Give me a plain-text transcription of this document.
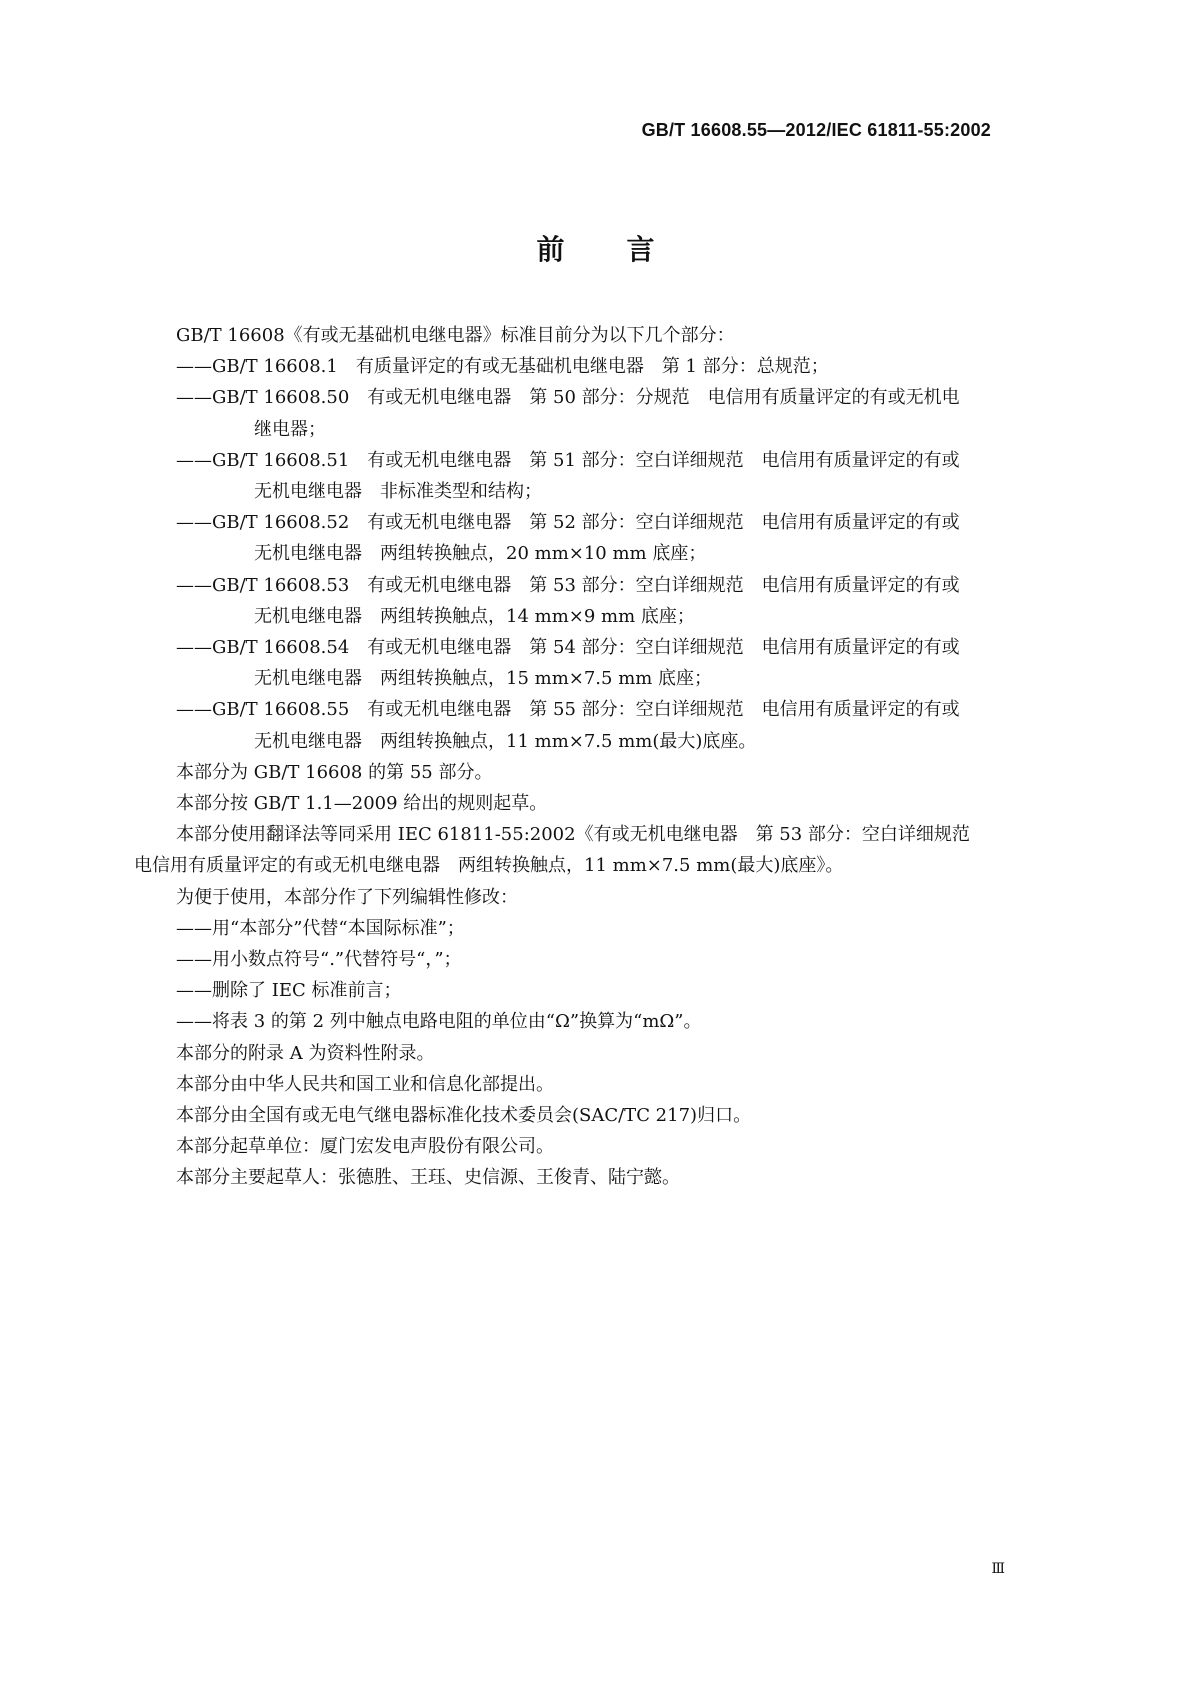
GB/T 16608.55—2012/IEC 61811-55:2002
前言

GB/T 16608《有或无基础机电继电器》标准目前分为以下几个部分：

——GB/T 16608.1　有质量评定的有或无基础机电继电器　第 1 部分：总规范；
——GB/T 16608.50　有或无机电继电器　第 50 部分：分规范　电信用有质量评定的有或无机电
继电器；
——GB/T 16608.51　有或无机电继电器　第 51 部分：空白详细规范　电信用有质量评定的有或
无机电继电器　非标准类型和结构；
——GB/T 16608.52　有或无机电继电器　第 52 部分：空白详细规范　电信用有质量评定的有或
无机电继电器　两组转换触点，20 mm×10 mm 底座；
——GB/T 16608.53　有或无机电继电器　第 53 部分：空白详细规范　电信用有质量评定的有或
无机电继电器　两组转换触点，14 mm×9 mm 底座；
——GB/T 16608.54　有或无机电继电器　第 54 部分：空白详细规范　电信用有质量评定的有或
无机电继电器　两组转换触点，15 mm×7.5 mm 底座；
——GB/T 16608.55　有或无机电继电器　第 55 部分：空白详细规范　电信用有质量评定的有或
无机电继电器　两组转换触点，11 mm×7.5 mm(最大)底座。

本部分为 GB/T 16608 的第 55 部分。

本部分按 GB/T 1.1—2009 给出的规则起草。

本部分使用翻译法等同采用 IEC 61811-55:2002《有或无机电继电器　第 53 部分：空白详细规范

电信用有质量评定的有或无机电继电器　两组转换触点，11 mm×7.5 mm(最大)底座》。

为便于使用，本部分作了下列编辑性修改：

——用“本部分”代替“本国际标准”；
——用小数点符号“.”代替符号“，”；
——删除了 IEC 标准前言；
——将表 3 的第 2 列中触点电路电阻的单位由“Ω”换算为“mΩ”。

本部分的附录 A 为资料性附录。

本部分由中华人民共和国工业和信息化部提出。

本部分由全国有或无电气继电器标准化技术委员会(SAC/TC 217)归口。

本部分起草单位：厦门宏发电声股份有限公司。

本部分主要起草人：张德胜、王珏、史信源、王俊青、陆宁懿。

Ⅲ
